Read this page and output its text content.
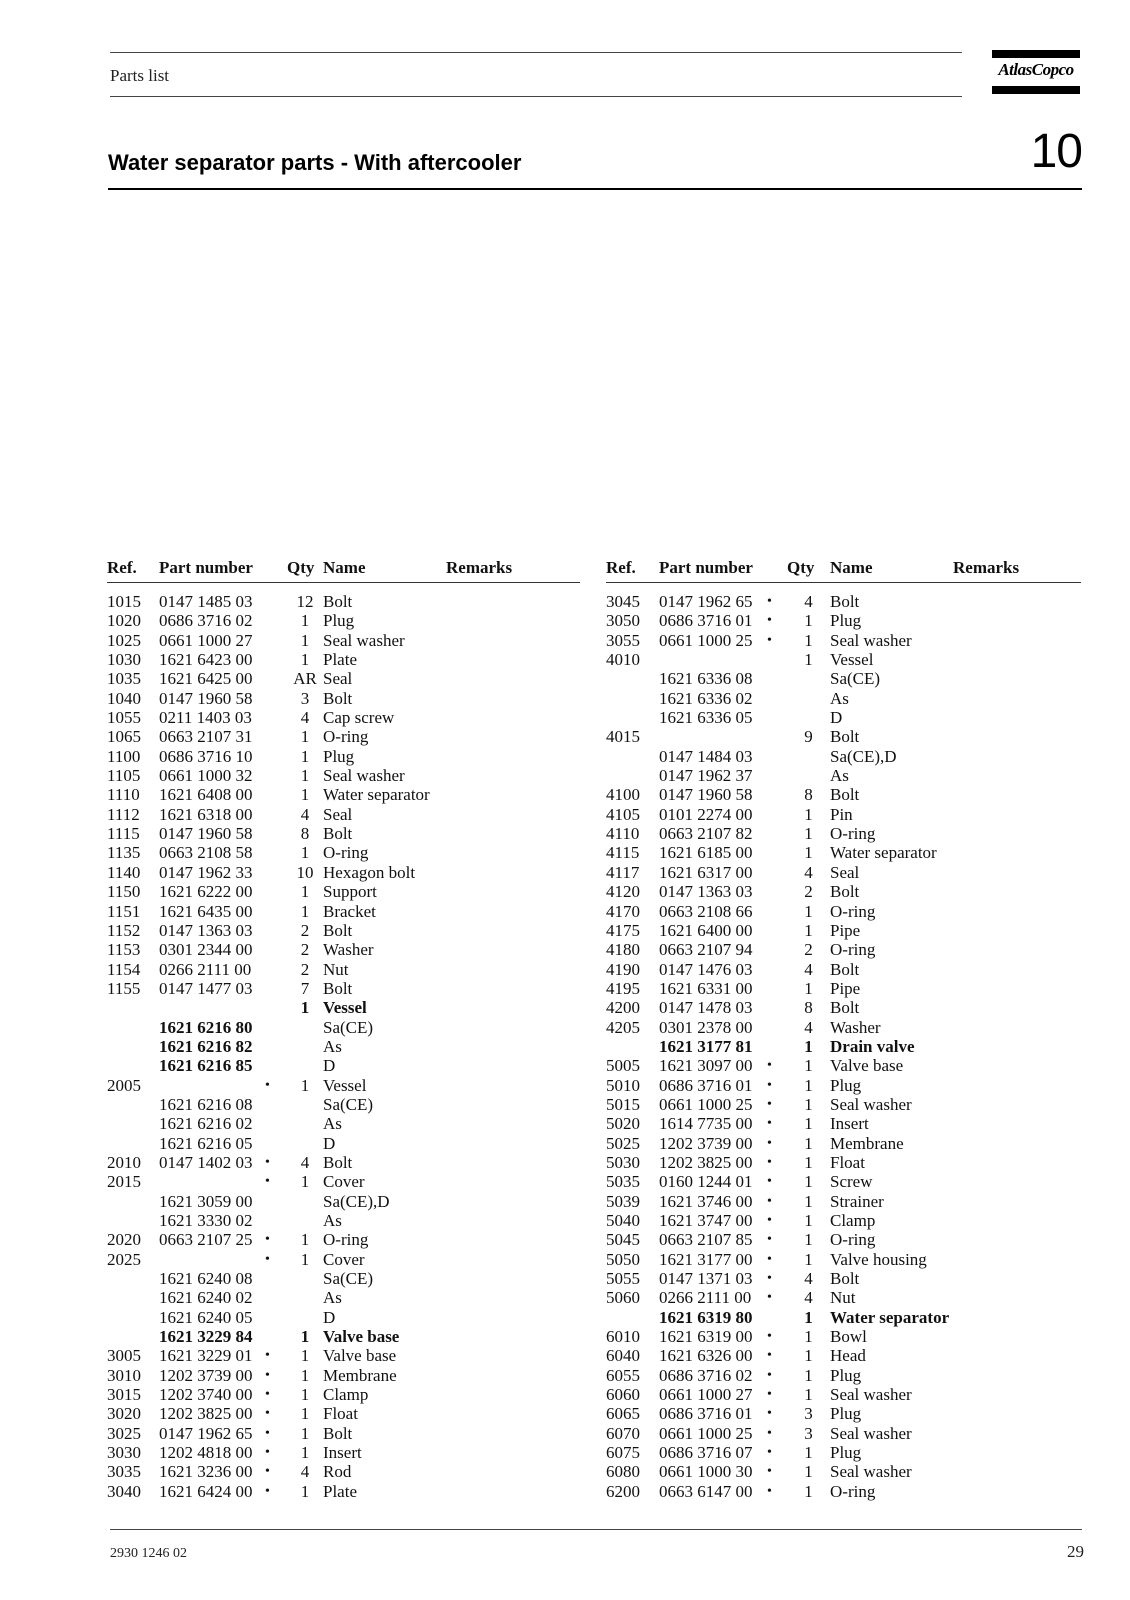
Parts list	AtlasCopco
Water separator parts - With aftercooler	10
Ref.	Part number		Qty	Name	Remarks
1015	0147 1485 03		12	Bolt	
1020	0686 3716 02		1	Plug	
1025	0661 1000 27		1	Seal washer	
1030	1621 6423 00		1	Plate	
1035	1621 6425 00		AR	Seal	
1040	0147 1960 58		3	Bolt	
1055	0211 1403 03		4	Cap screw	
1065	0663 2107 31		1	O-ring	
1100	0686 3716 10		1	Plug	
1105	0661 1000 32		1	Seal washer	
1110	1621 6408 00		1	Water separator	
1112	1621 6318 00		4	Seal	
1115	0147 1960 58		8	Bolt	
1135	0663 2108 58		1	O-ring	
1140	0147 1962 33		10	Hexagon bolt	
1150	1621 6222 00		1	Support	
1151	1621 6435 00		1	Bracket	
1152	0147 1363 03		2	Bolt	
1153	0301 2344 00		2	Washer	
1154	0266 2111 00		2	Nut	
1155	0147 1477 03		7	Bolt	
			1	Vessel	
	1621 6216 80			Sa(CE)	
	1621 6216 82			As	
	1621 6216 85			D	
2005		•	1	Vessel	
	1621 6216 08			Sa(CE)	
	1621 6216 02			As	
	1621 6216 05			D	
2010	0147 1402 03	•	4	Bolt	
2015		•	1	Cover	
	1621 3059 00			Sa(CE),D	
	1621 3330 02			As	
2020	0663 2107 25	•	1	O-ring	
2025		•	1	Cover	
	1621 6240 08			Sa(CE)	
	1621 6240 02			As	
	1621 6240 05			D	
	1621 3229 84		1	Valve base	
3005	1621 3229 01	•	1	Valve base	
3010	1202 3739 00	•	1	Membrane	
3015	1202 3740 00	•	1	Clamp	
3020	1202 3825 00	•	1	Float	
3025	0147 1962 65	•	1	Bolt	
3030	1202 4818 00	•	1	Insert	
3035	1621 3236 00	•	4	Rod	
3040	1621 6424 00	•	1	Plate	
Ref.	Part number		Qty	Name	Remarks
3045	0147 1962 65	•	4	Bolt	
3050	0686 3716 01	•	1	Plug	
3055	0661 1000 25	•	1	Seal washer	
4010			1	Vessel	
	1621 6336 08			Sa(CE)	
	1621 6336 02			As	
	1621 6336 05			D	
4015			9	Bolt	
	0147 1484 03			Sa(CE),D	
	0147 1962 37			As	
4100	0147 1960 58		8	Bolt	
4105	0101 2274 00		1	Pin	
4110	0663 2107 82		1	O-ring	
4115	1621 6185 00		1	Water separator	
4117	1621 6317 00		4	Seal	
4120	0147 1363 03		2	Bolt	
4170	0663 2108 66		1	O-ring	
4175	1621 6400 00		1	Pipe	
4180	0663 2107 94		2	O-ring	
4190	0147 1476 03		4	Bolt	
4195	1621 6331 00		1	Pipe	
4200	0147 1478 03		8	Bolt	
4205	0301 2378 00		4	Washer	
	1621 3177 81		1	Drain valve	
5005	1621 3097 00	•	1	Valve base	
5010	0686 3716 01	•	1	Plug	
5015	0661 1000 25	•	1	Seal washer	
5020	1614 7735 00	•	1	Insert	
5025	1202 3739 00	•	1	Membrane	
5030	1202 3825 00	•	1	Float	
5035	0160 1244 01	•	1	Screw	
5039	1621 3746 00	•	1	Strainer	
5040	1621 3747 00	•	1	Clamp	
5045	0663 2107 85	•	1	O-ring	
5050	1621 3177 00	•	1	Valve housing	
5055	0147 1371 03	•	4	Bolt	
5060	0266 2111 00	•	4	Nut	
	1621 6319 80		1	Water separator	
6010	1621 6319 00	•	1	Bowl	
6040	1621 6326 00	•	1	Head	
6055	0686 3716 02	•	1	Plug	
6060	0661 1000 27	•	1	Seal washer	
6065	0686 3716 01	•	3	Plug	
6070	0661 1000 25	•	3	Seal washer	
6075	0686 3716 07	•	1	Plug	
6080	0661 1000 30	•	1	Seal washer	
6200	0663 6147 00	•	1	O-ring	
2930 1246 02	29
